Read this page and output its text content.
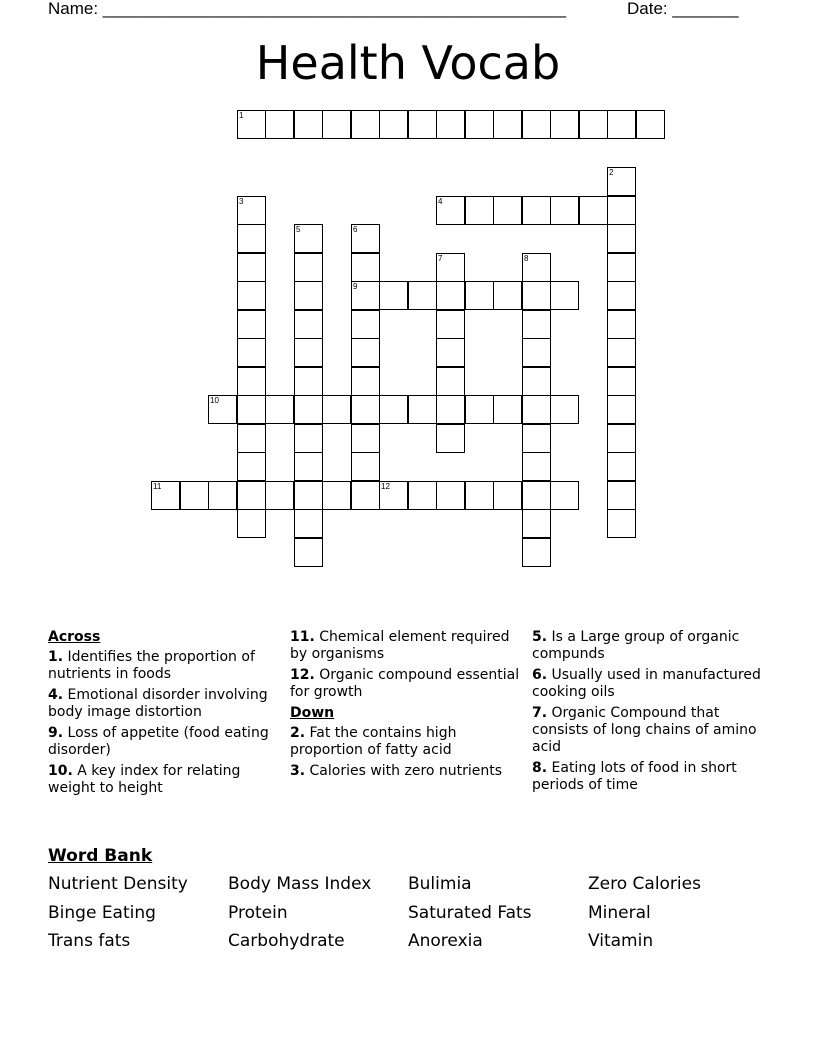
Name: _________________________________________________	Date: _______
Health Vocab
1
2
3	4
5	6
9
7	8
10
11	12
Across
1. Identifies the proportion of nutrients in foods
4. Emotional disorder involving body image distortion
9. Loss of appetite (food eating disorder)
10. A key index for relating weight to height
11. Chemical element required by organisms
12. Organic compound essential for growth
Down
2. Fat the contains high proportion of fatty acid
3. Calories with zero nutrients
5. Is a Large group of organic compunds
6. Usually used in manufactured cooking oils
7. Organic Compound that consists of long chains of amino acid
8. Eating lots of food in short periods of time
Word Bank
Nutrient Density	Body Mass Index	Bulimia	Zero Calories
Binge Eating	Protein	Saturated Fats	Mineral
Trans fats	Carbohydrate	Anorexia	Vitamin
